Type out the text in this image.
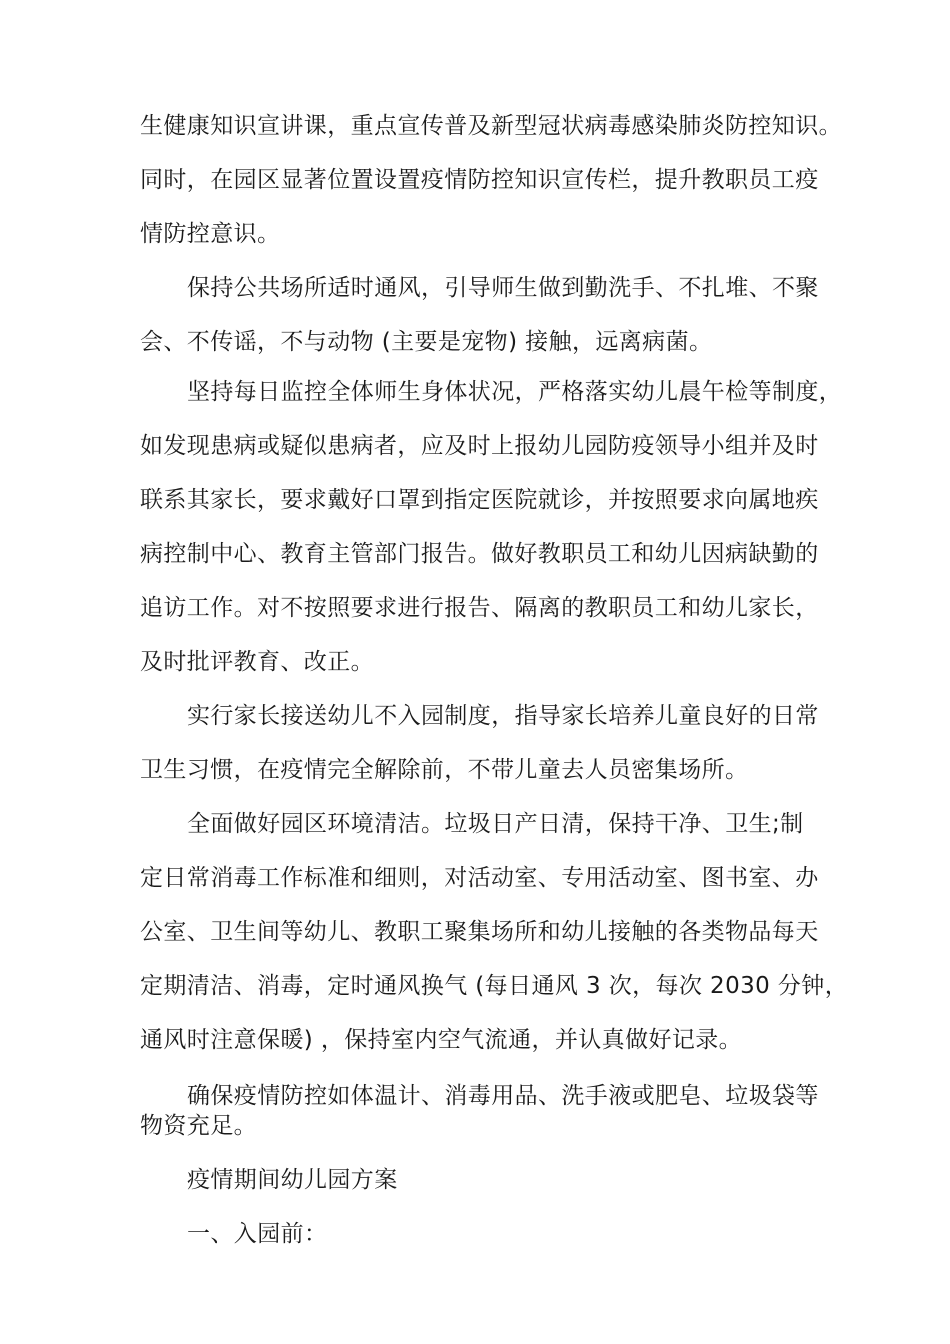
生健康知识宣讲课，重点宣传普及新型冠状病毒感染肺炎防控知识。
同时，在园区显著位置设置疫情防控知识宣传栏，提升教职员工疫
情防控意识。
保持公共场所适时通风，引导师生做到勤洗手、不扎堆、不聚
会、不传谣，不与动物 (主要是宠物) 接触，远离病菌。
坚持每日监控全体师生身体状况，严格落实幼儿晨午检等制度，
如发现患病或疑似患病者，应及时上报幼儿园防疫领导小组并及时
联系其家长，要求戴好口罩到指定医院就诊，并按照要求向属地疾
病控制中心、教育主管部门报告。做好教职员工和幼儿因病缺勤的
追访工作。对不按照要求进行报告、隔离的教职员工和幼儿家长，
及时批评教育、改正。
实行家长接送幼儿不入园制度，指导家长培养儿童良好的日常
卫生习惯，在疫情完全解除前，不带儿童去人员密集场所。
全面做好园区环境清洁。垃圾日产日清，保持干净、卫生;制
定日常消毒工作标准和细则，对活动室、专用活动室、图书室、办
公室、卫生间等幼儿、教职工聚集场所和幼儿接触的各类物品每天
定期清洁、消毒，定时通风换气 (每日通风 3 次，每次 2030 分钟，
通风时注意保暖) ，保持室内空气流通，并认真做好记录。
确保疫情防控如体温计、消毒用品、洗手液或肥皂、垃圾袋等
物资充足。
疫情期间幼儿园方案
一、入园前：
